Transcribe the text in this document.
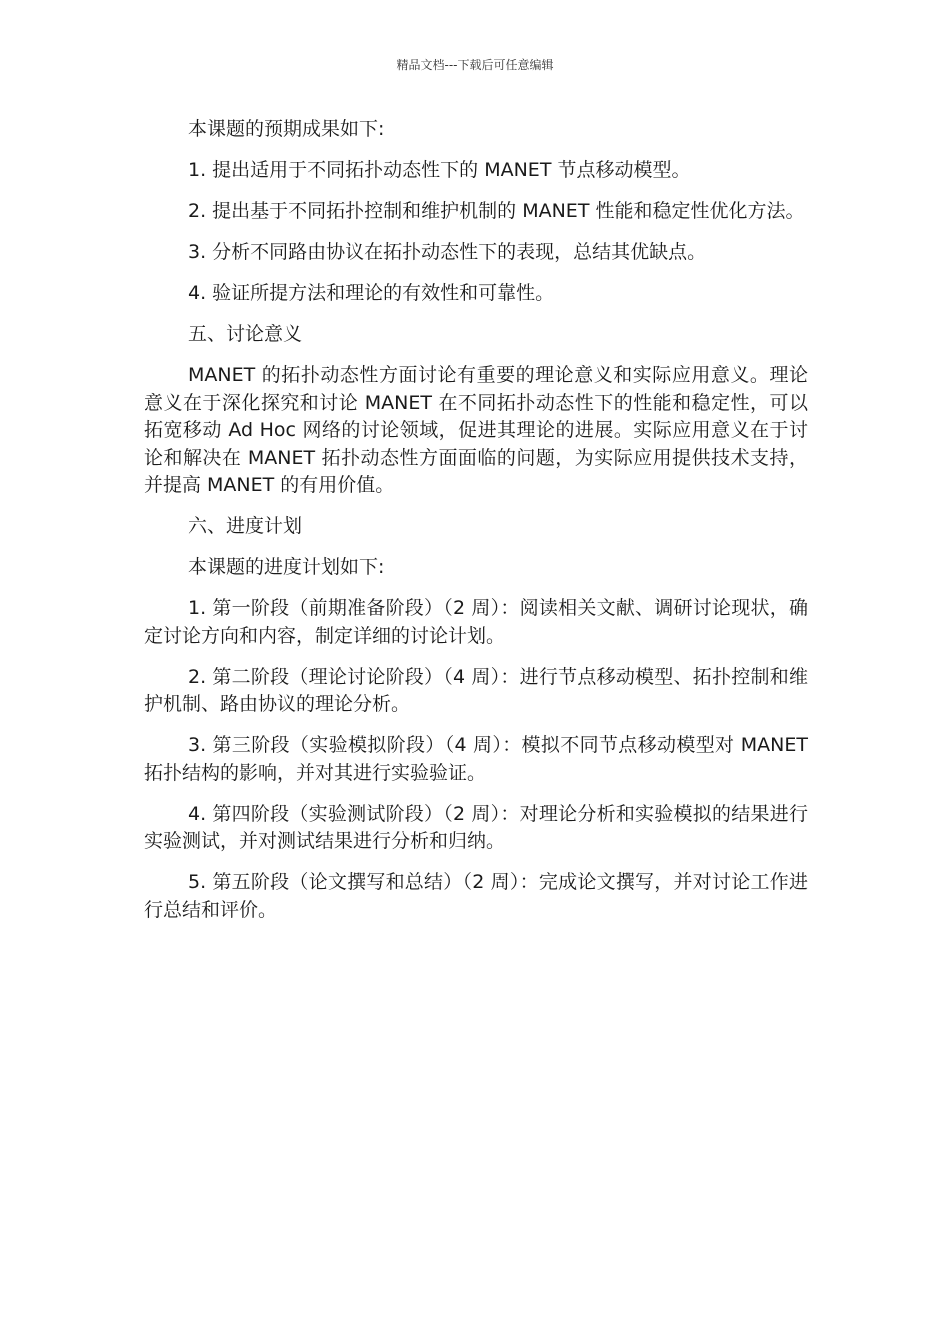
精品文档---下载后可任意编辑

本课题的预期成果如下:

1. 提出适用于不同拓扑动态性下的 MANET 节点移动模型。

2. 提出基于不同拓扑控制和维护机制的 MANET 性能和稳定性优化方法。

3. 分析不同路由协议在拓扑动态性下的表现，总结其优缺点。

4. 验证所提方法和理论的有效性和可靠性。

五、讨论意义

MANET 的拓扑动态性方面讨论有重要的理论意义和实际应用意义。理论意义在于深化探究和讨论 MANET 在不同拓扑动态性下的性能和稳定性，可以拓宽移动 Ad Hoc 网络的讨论领域，促进其理论的进展。实际应用意义在于讨论和解决在 MANET 拓扑动态性方面面临的问题，为实际应用提供技术支持，并提高 MANET 的有用价值。

六、进度计划

本课题的进度计划如下:

1. 第一阶段（前期准备阶段）（2 周）：阅读相关文献、调研讨论现状，确定讨论方向和内容，制定详细的讨论计划。

2. 第二阶段（理论讨论阶段）（4 周）：进行节点移动模型、拓扑控制和维护机制、路由协议的理论分析。

3. 第三阶段（实验模拟阶段）（4 周）：模拟不同节点移动模型对 MANET 拓扑结构的影响，并对其进行实验验证。

4. 第四阶段（实验测试阶段）（2 周）：对理论分析和实验模拟的结果进行实验测试，并对测试结果进行分析和归纳。

5. 第五阶段（论文撰写和总结）（2 周）：完成论文撰写，并对讨论工作进行总结和评价。
